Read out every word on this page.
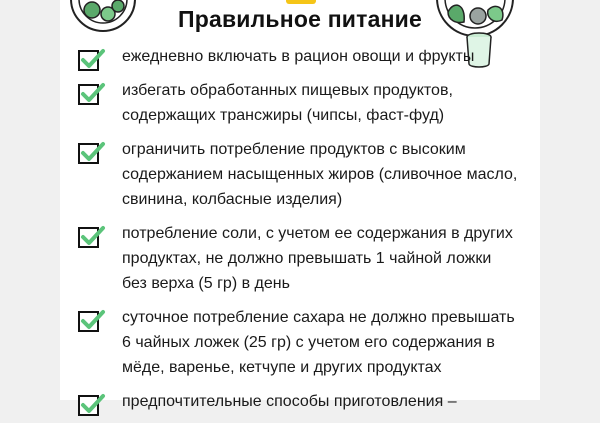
Правильное питание
ежедневно включать в рацион овощи и фрукты
избегать обработанных пищевых продуктов, содержащих трансжиры (чипсы, фаст-фуд)
ограничить потребление продуктов с высоким содержанием насыщенных жиров (сливочное масло, свинина, колбасные изделия)
потребление соли, с учетом ее содержания в других продуктах, не должно превышать 1 чайной ложки без верха (5 гр) в день
суточное потребление сахара не должно превышать 6 чайных ложек (25 гр) с учетом его содержания в мёде, варенье, кетчупе и других продуктах
предпочтительные способы приготовления –
